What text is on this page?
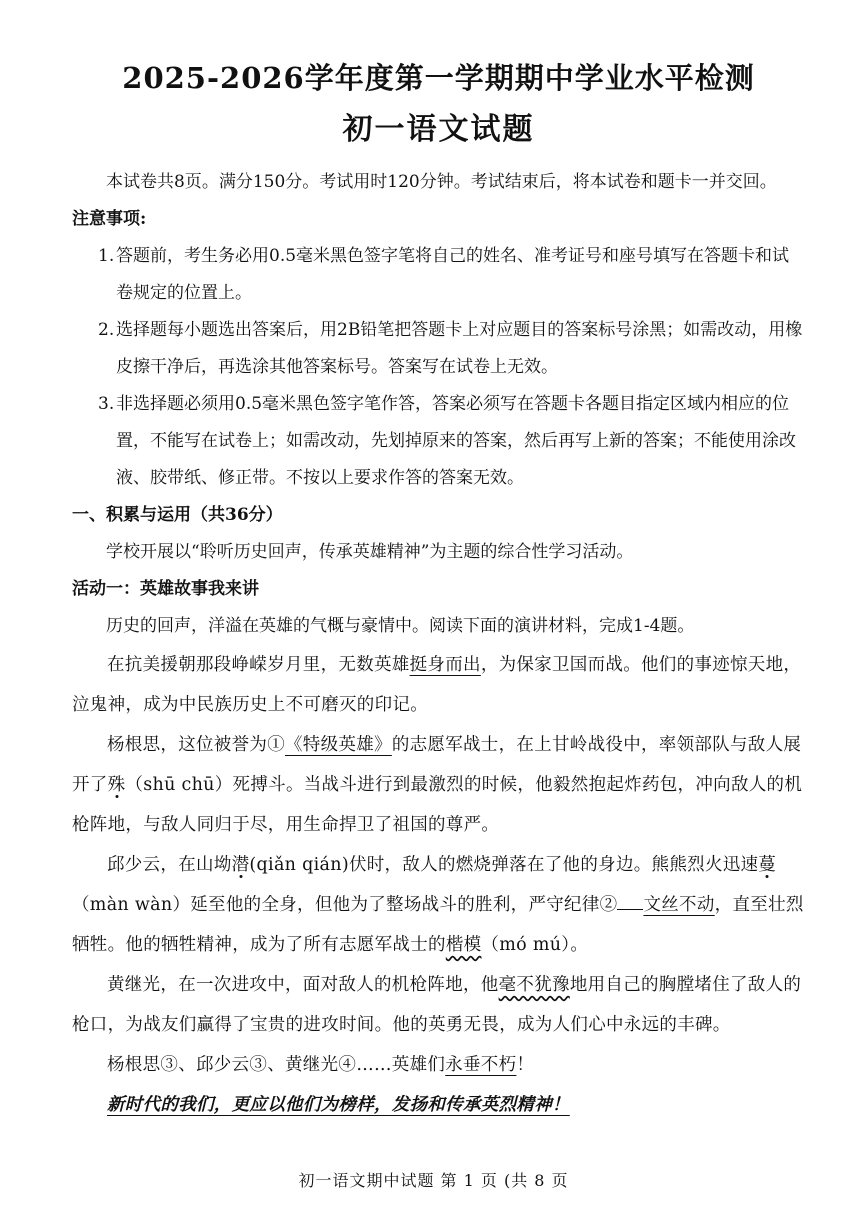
2025-2026学年度第一学期期中学业水平检测
初一语文试题

本试卷共8页。满分150分。考试用时120分钟。考试结束后，将本试卷和题卡一并交回。

注意事项:

1. 答题前，考生务必用0.5毫米黑色签字笔将自己的姓名、准考证号和座号填写在答题卡和试卷规定的位置上。

2. 选择题每小题选出答案后，用2B铅笔把答题卡上对应题目的答案标号涂黑；如需改动，用橡皮擦干净后，再选涂其他答案标号。答案写在试卷上无效。

3. 非选择题必须用0.5毫米黑色签字笔作答，答案必须写在答题卡各题目指定区域内相应的位置，不能写在试卷上；如需改动，先划掉原来的答案，然后再写上新的答案；不能使用涂改液、胶带纸、修正带。不按以上要求作答的答案无效。

一、积累与运用（共36分）

学校开展以“聆听历史回声，传承英雄精神”为主题的综合性学习活动。

活动一：英雄故事我来讲

历史的回声，洋溢在英雄的气概与豪情中。阅读下面的演讲材料，完成1-4题。

在抗美援朝那段峥嵘岁月里，无数英雄挺身而出，为保家卫国而战。他们的事迹惊天地，泣鬼神，成为中民族历史上不可磨灭的印记。

杨根思，这位被誉为①《特级英雄》的志愿军战士，在上甘岭战役中，率领部队与敌人展开了殊（shū chū）死搏斗。当战斗进行到最激烈的时候，他毅然抱起炸药包，冲向敌人的机枪阵地，与敌人同归于尽，用生命捍卫了祖国的尊严。

邱少云，在山坳潜(qiǎn qián)伏时，敌人的燃烧弹落在了他的身边。熊熊烈火迅速蔓（màn wàn）延至他的全身，但他为了整场战斗的胜利，严守纪律② 文丝不动，直至壮烈牺牲。他的牺牲精神，成为了所有志愿军战士的楷模（mó mú）。

黄继光，在一次进攻中，面对敌人的机枪阵地，他毫不犹豫地用自己的胸膛堵住了敌人的枪口，为战友们赢得了宝贵的进攻时间。他的英勇无畏，成为人们心中永远的丰碑。

杨根思③、邱少云③、黄继光④……英雄们永垂不朽！

新时代的我们，更应以他们为榜样，发扬和传承英烈精神！

初一语文期中试题 第 1 页 (共 8 页
